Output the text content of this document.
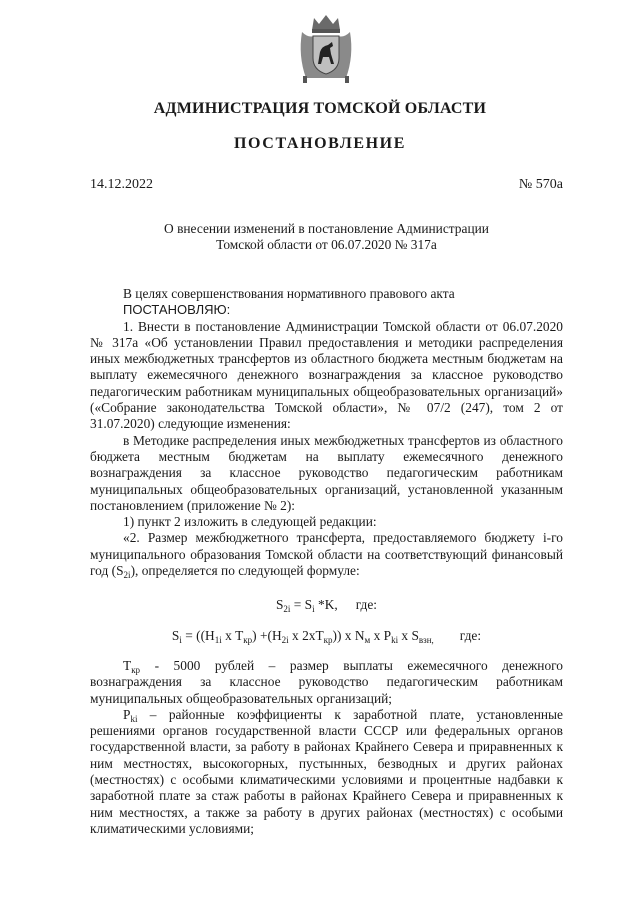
АДМИНИСТРАЦИЯ ТОМСКОЙ ОБЛАСТИ
ПОСТАНОВЛЕНИЕ
14.12.2022	№ 570а
О внесении изменений в постановление Администрации
Томской области от 06.07.2020 № 317а

В целях совершенствования нормативного правового акта

ПОСТАНОВЛЯЮ:

1. Внести в постановление Администрации Томской области от 06.07.2020 № 317а «Об установлении Правил предоставления и методики распределения иных межбюджетных трансфертов из областного бюджета местным бюджетам на выплату ежемесячного денежного вознаграждения за классное руководство педагогическим работникам муниципальных общеобразовательных организаций» («Собрание законодательства Томской области», № 07/2 (247), том 2 от 31.07.2020) следующие изменения:

в Методике распределения иных межбюджетных трансфертов из областного бюджета местным бюджетам на выплату ежемесячного денежного вознаграждения за классное руководство педагогическим работникам муниципальных общеобразовательных организаций, установленной указанным постановлением (приложение № 2):

1) пункт 2 изложить в следующей редакции:

«2. Размер межбюджетного трансферта, предоставляемого бюджету i-го муниципального образования Томской области на соответствующий финансовый год $(S_{2i})$, определяется по следующей формуле:

$S_{2i} = S_i$ *K, где:
$S_i = ((Н_{1i}$ x $Т_{кр}) +(Н_{2i}$ x $2xТ_{кр}$)) x $N_м$ x $P_{ki}$ x $S_{взн,}$ где:

$Т_{кр} - 5000$ рублей – размер выплаты ежемесячного денежного вознаграждения за классное руководство педагогическим работникам муниципальных общеобразовательных организаций;

$Р_{ki}$ – районные коэффициенты к заработной плате, установленные решениями органов государственной власти СССР или федеральных органов государственной власти, за работу в районах Крайнего Севера и приравненных к ним местностях, высокогорных, пустынных, безводных и других районах (местностях) с особыми климатическими условиями и процентные надбавки к заработной плате за стаж работы в районах Крайнего Севера и приравненных к ним местностях, а также за работу в других районах (местностях) с особыми климатическими условиями;
